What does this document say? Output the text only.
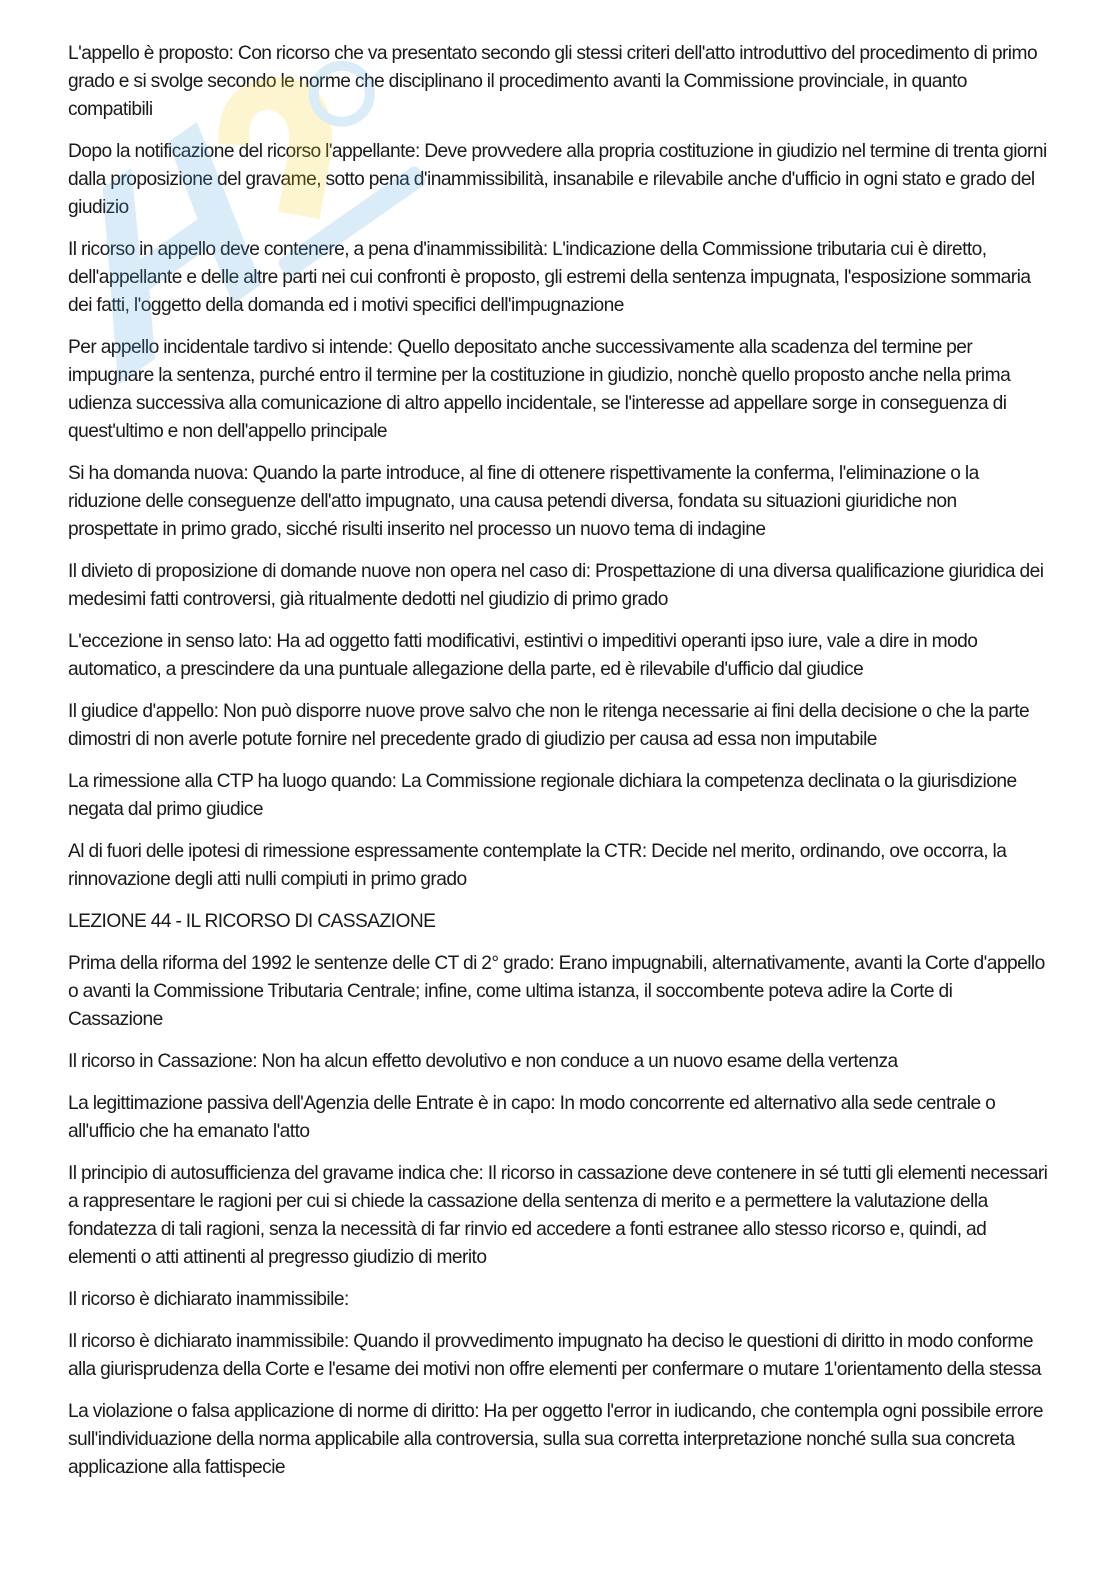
L'appello è proposto: Con ricorso che va presentato secondo gli stessi criteri dell'atto introduttivo del procedimento di primo grado e si svolge secondo le norme che disciplinano il procedimento avanti la Commissione provinciale, in quanto compatibili

Dopo la notificazione del ricorso l'appellante: Deve provvedere alla propria costituzione in giudizio nel termine di trenta giorni dalla proposizione del gravame, sotto pena d'inammissibilità, insanabile e rilevabile anche d'ufficio in ogni stato e grado del giudizio

Il ricorso in appello deve contenere, a pena d'inammissibilità: L'indicazione della Commissione tributaria cui è diretto, dell'appellante e delle altre parti nei cui confronti è proposto, gli estremi della sentenza impugnata, l'esposizione sommaria dei fatti, l'oggetto della domanda ed i motivi specifici dell'impugnazione

Per appello incidentale tardivo si intende: Quello depositato anche successivamente alla scadenza del termine per impugnare la sentenza, purché entro il termine per la costituzione in giudizio, nonchè quello proposto anche nella prima udienza successiva alla comunicazione di altro appello incidentale, se l'interesse ad appellare sorge in conseguenza di quest'ultimo e non dell'appello principale

Si ha domanda nuova: Quando la parte introduce, al fine di ottenere rispettivamente la conferma, l'eliminazione o la riduzione delle conseguenze dell'atto impugnato, una causa petendi diversa, fondata su situazioni giuridiche non prospettate in primo grado, sicché risulti inserito nel processo un nuovo tema di indagine

Il divieto di proposizione di domande nuove non opera nel caso di: Prospettazione di una diversa qualificazione giuridica dei medesimi fatti controversi, già ritualmente dedotti nel giudizio di primo grado

L'eccezione in senso lato: Ha ad oggetto fatti modificativi, estintivi o impeditivi operanti ipso iure, vale a dire in modo automatico, a prescindere da una puntuale allegazione della parte, ed è rilevabile d'ufficio dal giudice

Il giudice d'appello: Non può disporre nuove prove salvo che non le ritenga necessarie ai fini della decisione o che la parte dimostri di non averle potute fornire nel precedente grado di giudizio per causa ad essa non imputabile

La rimessione alla CTP ha luogo quando: La Commissione regionale dichiara la competenza declinata o la giurisdizione negata dal primo giudice

Al di fuori delle ipotesi di rimessione espressamente contemplate la CTR: Decide nel merito, ordinando, ove occorra, la rinnovazione degli atti nulli compiuti in primo grado

LEZIONE 44 - IL RICORSO DI CASSAZIONE

Prima della riforma del 1992 le sentenze delle CT di 2° grado: Erano impugnabili, alternativamente, avanti la Corte d'appello o avanti la Commissione Tributaria Centrale; infine, come ultima istanza, il soccombente poteva adire la Corte di Cassazione

Il ricorso in Cassazione: Non ha alcun effetto devolutivo e non conduce a un nuovo esame della vertenza

La legittimazione passiva dell'Agenzia delle Entrate è in capo: In modo concorrente ed alternativo alla sede centrale o all'ufficio che ha emanato l'atto

Il principio di autosufficienza del gravame indica che: Il ricorso in cassazione deve contenere in sé tutti gli elementi necessari a rappresentare le ragioni per cui si chiede la cassazione della sentenza di merito e a permettere la valutazione della fondatezza di tali ragioni, senza la necessità di far rinvio ed accedere a fonti estranee allo stesso ricorso e, quindi, ad elementi o atti attinenti al pregresso giudizio di merito

Il ricorso è dichiarato inammissibile:

Il ricorso è dichiarato inammissibile: Quando il provvedimento impugnato ha deciso le questioni di diritto in modo conforme alla giurisprudenza della Corte e l'esame dei motivi non offre elementi per confermare o mutare 1'orientamento della stessa

La violazione o falsa applicazione di norme di diritto: Ha per oggetto l'error in iudicando, che contempla ogni possibile errore sull'individuazione della norma applicabile alla controversia, sulla sua corretta interpretazione nonché sulla sua concreta applicazione alla fattispecie
